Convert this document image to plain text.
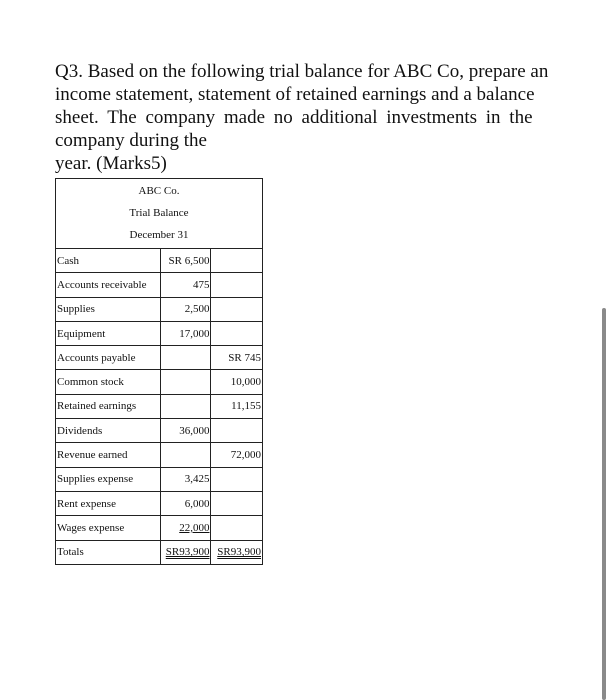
Q3. Based on the following trial balance for ABC Co, prepare an
income statement, statement of retained earnings and a balance
sheet. The company made no additional investments in the
company during the
year. (Marks5)
ABC Co.
Trial Balance
December 31
Cash	SR 6,500	
Accounts receivable	475	
Supplies	2,500	
Equipment	17,000	
Accounts payable		SR 745
Common stock		10,000
Retained earnings		11,155
Dividends	36,000	
Revenue earned		72,000
Supplies expense	3,425	
Rent expense	6,000	
Wages expense	22,000	
Totals	SR93,900	SR93,900
